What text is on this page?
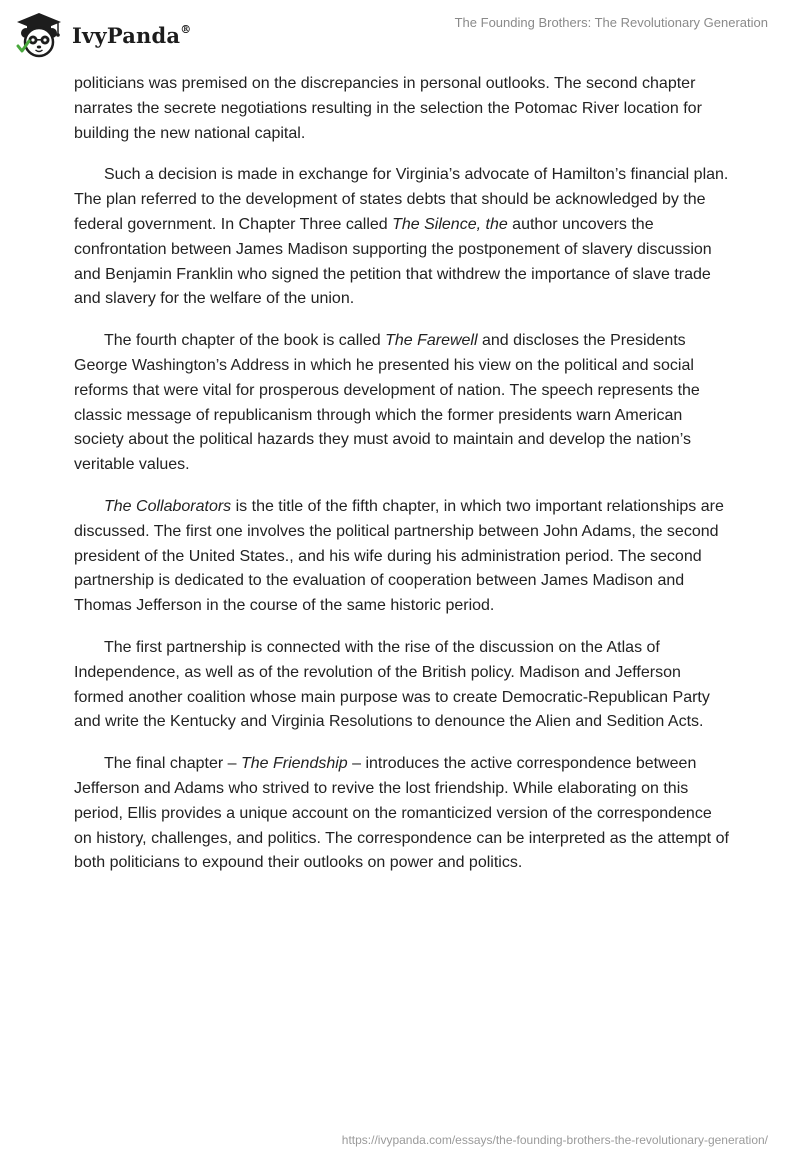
IvyPanda®	The Founding Brothers: The Revolutionary Generation

politicians was premised on the discrepancies in personal outlooks. The second chapter narrates the secrete negotiations resulting in the selection the Potomac River location for building the new national capital.

Such a decision is made in exchange for Virginia’s advocate of Hamilton’s financial plan. The plan referred to the development of states debts that should be acknowledged by the federal government. In Chapter Three called The Silence, the author uncovers the confrontation between James Madison supporting the postponement of slavery discussion and Benjamin Franklin who signed the petition that withdrew the importance of slave trade and slavery for the welfare of the union.

The fourth chapter of the book is called The Farewell and discloses the Presidents George Washington’s Address in which he presented his view on the political and social reforms that were vital for prosperous development of nation. The speech represents the classic message of republicanism through which the former presidents warn American society about the political hazards they must avoid to maintain and develop the nation’s veritable values.

The Collaborators is the title of the fifth chapter, in which two important relationships are discussed. The first one involves the political partnership between John Adams, the second president of the United States., and his wife during his administration period. The second partnership is dedicated to the evaluation of cooperation between James Madison and Thomas Jefferson in the course of the same historic period.

The first partnership is connected with the rise of the discussion on the Atlas of Independence, as well as of the revolution of the British policy. Madison and Jefferson formed another coalition whose main purpose was to create Democratic-Republican Party and write the Kentucky and Virginia Resolutions to denounce the Alien and Sedition Acts.

The final chapter – The Friendship – introduces the active correspondence between Jefferson and Adams who strived to revive the lost friendship. While elaborating on this period, Ellis provides a unique account on the romanticized version of the correspondence on history, challenges, and politics. The correspondence can be interpreted as the attempt of both politicians to expound their outlooks on power and politics.

https://ivypanda.com/essays/the-founding-brothers-the-revolutionary-generation/
